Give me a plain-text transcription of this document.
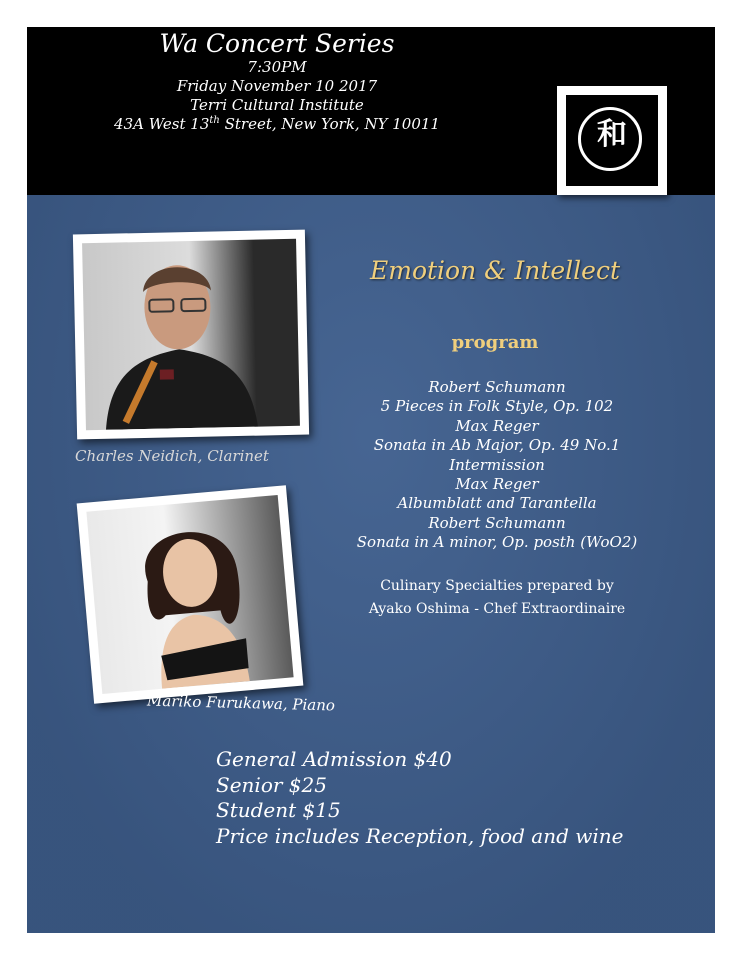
Wa Concert Series
7:30PM
Friday November 10 2017
Terri Cultural Institute
43A West 13th Street, New York, NY 10011	和
Charles Neidich, Clarinet
Mariko Furukawa, Piano
Emotion & Intellect
program
Robert Schumann
5 Pieces in Folk Style, Op. 102
Max Reger
Sonata in Ab Major, Op. 49 No.1
Intermission
Max Reger
Albumblatt and Tarantella
Robert Schumann
Sonata in A minor, Op. posth (WoO2)
Culinary Specialties prepared by
Ayako Oshima - Chef Extraordinaire
General Admission $40
Senior $25
Student $15
Price includes Reception, food and wine
